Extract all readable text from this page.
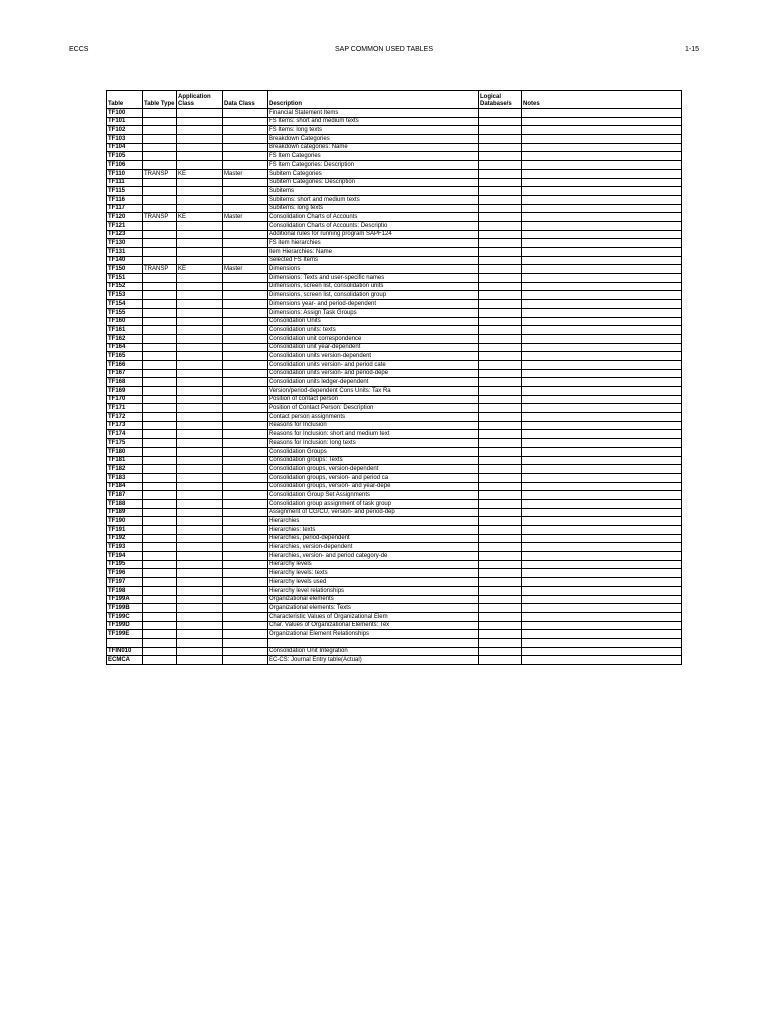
ECCS	SAP COMMON USED TABLES	1-15
Table	Table Type	Application Class	Data Class	Description	Logical Database/s	Notes
TF100				Financial Statement Items		
TF101				FS Items: short and medium texts		
TF102				FS Items: long texts		
TF103				Breakdown Categories		
TF104				Breakdown categories: Name		
TF105				FS Item Categories		
TF106				FS Item Categories: Description		
TF110	TRANSP	KE	Master	Subitem Categories		
TF111				Subitem Categories: Description		
TF115				Subitems		
TF116				Subitems: short and medium texts		
TF117				Subitems: long texts		
TF120	TRANSP	KE	Master	Consolidation Charts of Accounts		
TF121				Consolidation Charts of Accounts: Descriptio		
TF123				Additional rules for running program SAPF124		
TF130				FS item hierarchies		
TF131				Item Hierarchies: Name		
TF140				Selected FS Items		
TF150	TRANSP	KE	Master	Dimensions		
TF151				Dimensions: Texts and user-specific names		
TF152				Dimensions, screen list, consolidation units		
TF153				Dimensions, screen list, consolidation group		
TF154				Dimensions year- and period-dependent		
TF155				Dimensions: Assign Task Groups		
TF160				Consolidation Units		
TF161				Consolidation units: texts		
TF162				Consolidation unit correspondence		
TF164				Consolidation unit year-dependent		
TF165				Consolidation units version-dependent		
TF166				Consolidation units version- and period cate		
TF167				Consolidation units version- and period-depe		
TF168				Consolidation units ledger-dependent		
TF169				Version/period-dependent Cons Units: Tax Ra		
TF170				Position of contact person		
TF171				Position of Contact Person: Description		
TF172				Contact person assignments		
TF173				Reasons for Inclusion		
TF174				Reasons for Inclusion: short and medium text		
TF175				Reasons for Inclusion: long texts		
TF180				Consolidation Groups		
TF181				Consolidation groups: Texts		
TF182				Consolidation groups, version-dependent		
TF183				Consolidation groups, version- and period ca		
TF184				Consolidation groups, version- and year-depe		
TF187				Consolidation Group Set Assignments		
TF188				Consolidation group assignment of task group		
TF189				Assignment of CG/CU, version- and period-dep		
TF190				Hierarchies		
TF191				Hierarchies: texts		
TF192				Hierarchies, period-dependent		
TF193				Hierarchies, version-dependent		
TF194				Hierarchies, version- and period category-de		
TF195				Hierarchy levels		
TF196				Hierarchy levels: texts		
TF197				Hierarchy levels used		
TF198				Hierarchy level relationships		
TF199A				Organizational elements		
TF199B				Organizational elements: Texts		
TF199C				Characteristic Values of Organizational Elem		
TF199D				Char. Values of Organizational Elements: Tex		
TF199E				Organizational Element Relationships		

TFIN010				Consolidation Unit Integration		
ECMCA				EC-CS: Journal Entry table(Actual)		
